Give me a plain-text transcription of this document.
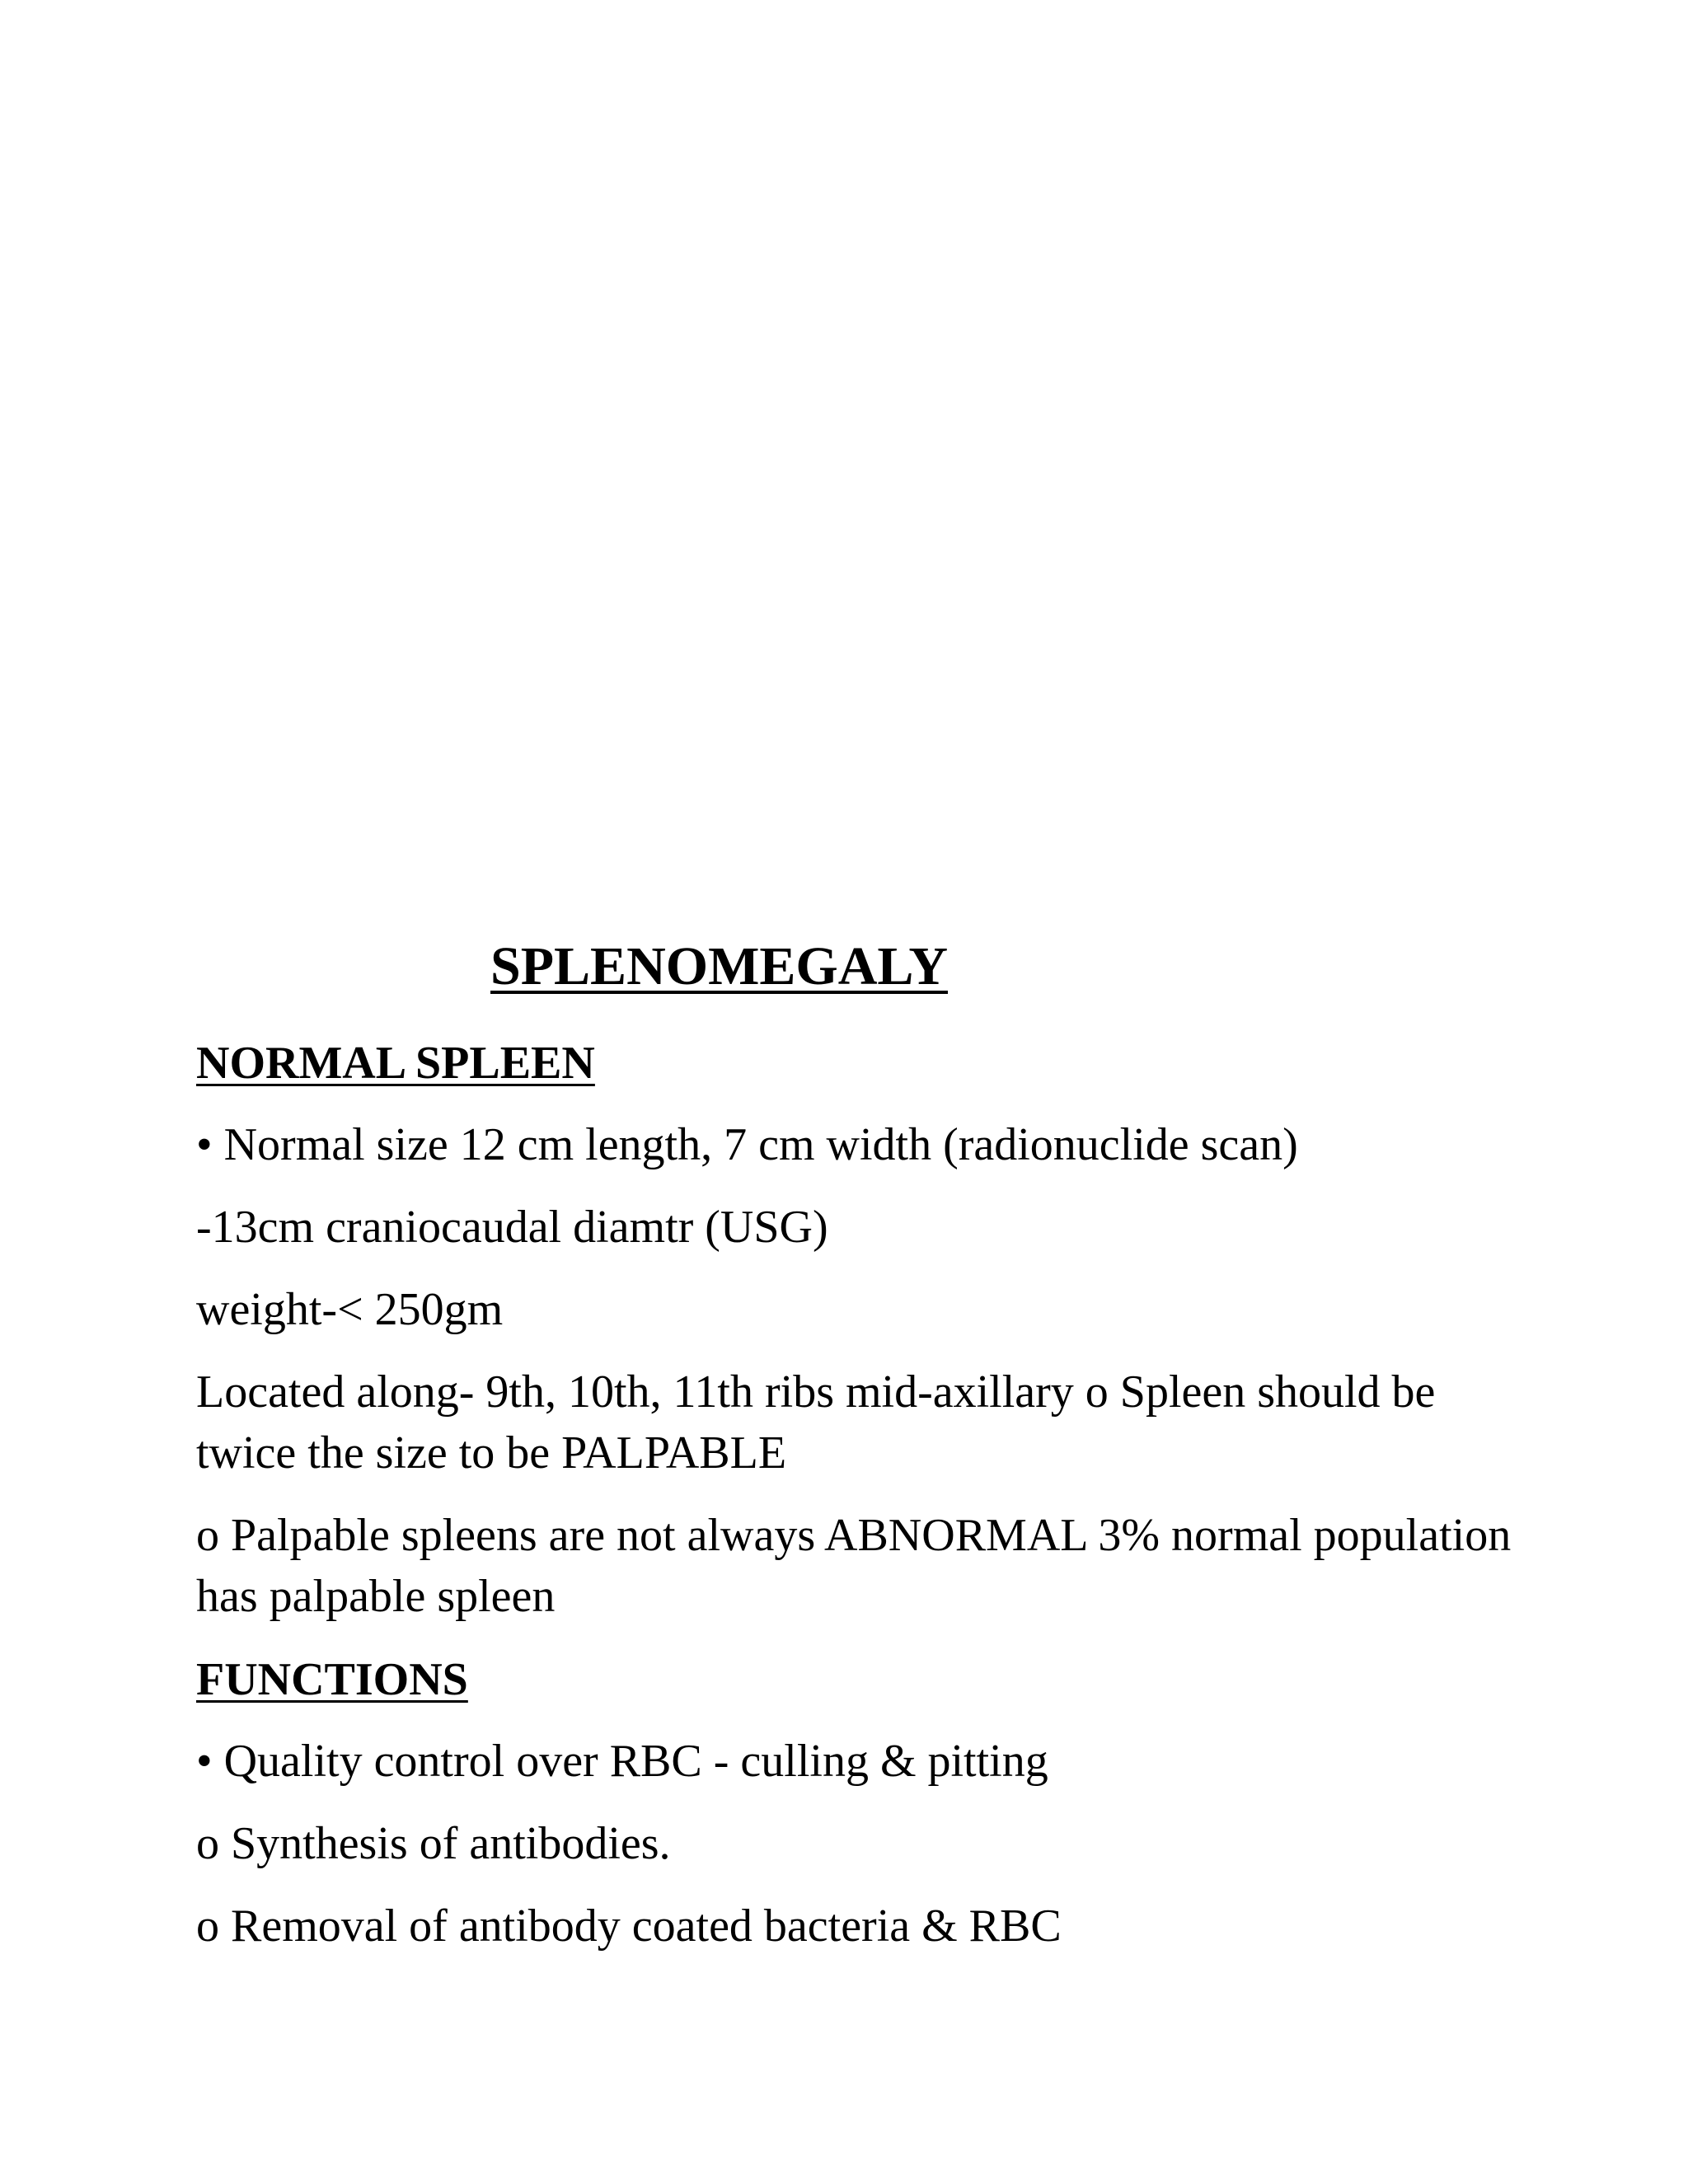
SPLENOMEGALY
NORMAL SPLEEN

• Normal size 12 cm length, 7 cm width (radionuclide scan)

-13cm craniocaudal diamtr (USG)

weight-< 250gm

Located along- 9th, 10th, 11th ribs mid-axillary o Spleen should be twice the size to be PALPABLE

o Palpable spleens are not always ABNORMAL 3% normal population has palpable spleen

FUNCTIONS

• Quality control over RBC - culling & pitting

o Synthesis of antibodies.

o Removal of antibody coated bacteria & RBC
